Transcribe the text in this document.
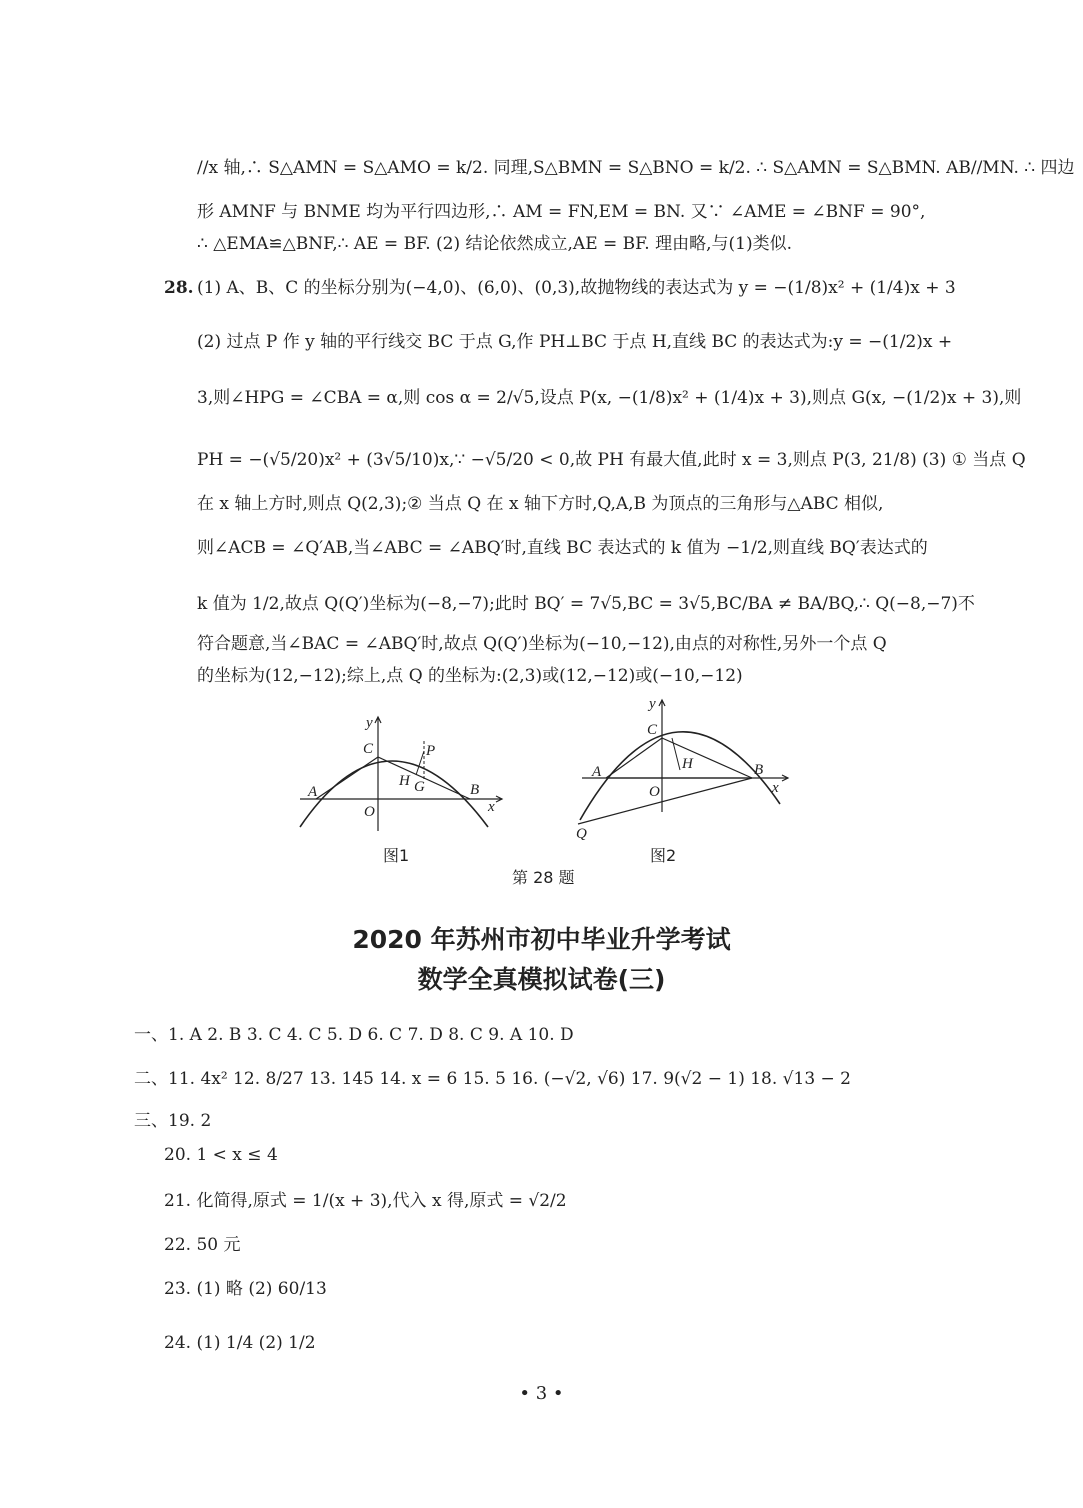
//x 轴,∴ S△AMN = S△AMO = k/2. 同理,S△BMN = S△BNO = k/2. ∴ S△AMN = S△BMN. AB//MN. ∴ 四边
形 AMNF 与 BNME 均为平行四边形,∴ AM = FN,EM = BN. 又∵ ∠AME = ∠BNF = 90°,
∴ △EMA≌△BNF,∴ AE = BF. (2) 结论依然成立,AE = BF. 理由略,与(1)类似.
28. (1) A、B、C 的坐标分别为(−4,0)、(6,0)、(0,3),故抛物线的表达式为 y = −(1/8)x² + (1/4)x + 3
(2) 过点 P 作 y 轴的平行线交 BC 于点 G,作 PH⊥BC 于点 H,直线 BC 的表达式为:y = −(1/2)x +
3,则∠HPG = ∠CBA = α,则 cos α = 2/√5,设点 P(x, −(1/8)x² + (1/4)x + 3),则点 G(x, −(1/2)x + 3),则
PH = −(√5/20)x² + (3√5/10)x,∵ −√5/20 < 0,故 PH 有最大值,此时 x = 3,则点 P(3, 21/8) (3) ① 当点 Q
在 x 轴上方时,则点 Q(2,3);② 当点 Q 在 x 轴下方时,Q,A,B 为顶点的三角形与△ABC 相似,
则∠ACB = ∠Q′AB,当∠ABC = ∠ABQ′时,直线 BC 表达式的 k 值为 −1/2,则直线 BQ′表达式的
k 值为 1/2,故点 Q(Q′)坐标为(−8,−7);此时 BQ′ = 7√5,BC = 3√5,BC/BA ≠ BA/BQ,∴ Q(−8,−7)不
符合题意,当∠BAC = ∠ABQ′时,故点 Q(Q′)坐标为(−10,−12),由点的对称性,另外一个点 Q
的坐标为(12,−12);综上,点 Q 的坐标为:(2,3)或(12,−12)或(−10,−12)
y
x
C	P
A
H G	B
O
图1
y
x
C
A	H	B
O
Q
图2
第 28 题
2020 年苏州市初中毕业升学考试
数学全真模拟试卷(三)
一、1. A 2. B 3. C 4. C 5. D 6. C 7. D 8. C 9. A 10. D
二、11. 4x² 12. 8/27 13. 145 14. x = 6 15. 5 16. (−√2, √6) 17. 9(√2 − 1) 18. √13 − 2
三、19. 2
20. 1 < x ≤ 4
21. 化简得,原式 = 1/(x + 3),代入 x 得,原式 = √2/2
22. 50 元
23. (1) 略 (2) 60/13
24. (1) 1/4 (2) 1/2
• 3 •
